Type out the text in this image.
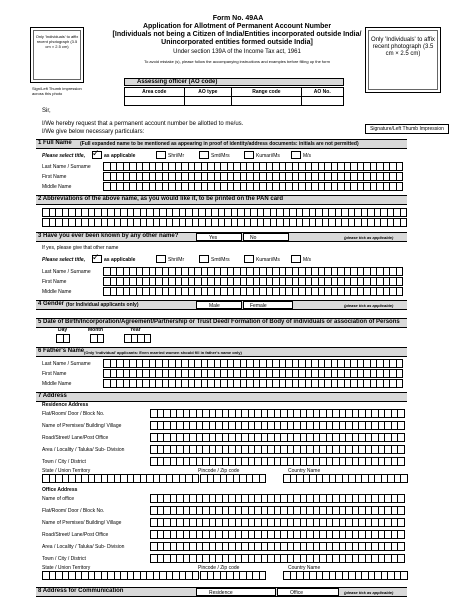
Only 'Individuals' to affix recent photograph (3.5 cm × 2.5 cm)
Sign/Left Thumb impression across this photo
Form No. 49AA
Application for Allotment of Permanent Account Number
[Individuals not being a Citizen of India/Entities incorporated outside India/
Unincorporated entities formed outside India]
Under section 139A of the Income Tax act, 1961
To avoid mistake (s), please follow the accompanying instructions and examples before filling up the form
Only 'Individuals' to affix recent photograph (3.5 cm × 2.5 cm)
Assessing officer (AO code)
Area code	AO type	Range code	AO No.

Sir,
I/We hereby request that a permanent account number be allotted to me/us.
I/We give below necessary particulars:	Signature/Left Thumb Impression
1 Full Name (Full expanded name to be mentioned as appearing in proof of identity/address documents: initials are not permitted)
Please select title, ✓ as applicable	Shri/Mr	Smt/Mrs	Kumari/Ms	M/s
Last Name / Surname
First Name
Middle Name
2 Abbreviations of the above name, as you would like it, to be printed on the PAN card
3 Have you ever been known by any other name?	(please tick as applicable)
Yes	No
If yes, please give that other name
Please select title, ✓ as applicable	Shri/Mr	Smt/Mrs	Kumari/Ms	M/s
Last Name / Surname
First Name
Middle Name
4 Gender (for Individual applicants only)	(please tick as applicable)
Male	Female
5 Date of Birth/Incorporation/Agreement/Partnership or Trust Deed/ Formation of Body of individuals or association of Persons
Day	Month	Year
6 Father's Name (Only 'individual' applicants: Even married women should fill in father's name only)
Last Name / Surname
First Name
Middle Name
7 Address
Residence Address
Flat/Room/ Door / Block No.
Name of Premises/ Building/ Village
Road/Street/ Lane/Post Office
Area / Locality / Taluka/ Sub- Division
Town / City / District
State / Union Territory	Pincode / Zip code	Country Name
Office Address
Name of office
Flat/Room/ Door / Block No.
Name of Premises/ Building/ Village
Road/Street/ Lane/Post Office
Area / Locality / Taluka/ Sub- Division
Town / City / District
State / Union Territory	Pincode / Zip code	Country Name
8 Address for Communication	(please tick as applicable)
Residence	Office
